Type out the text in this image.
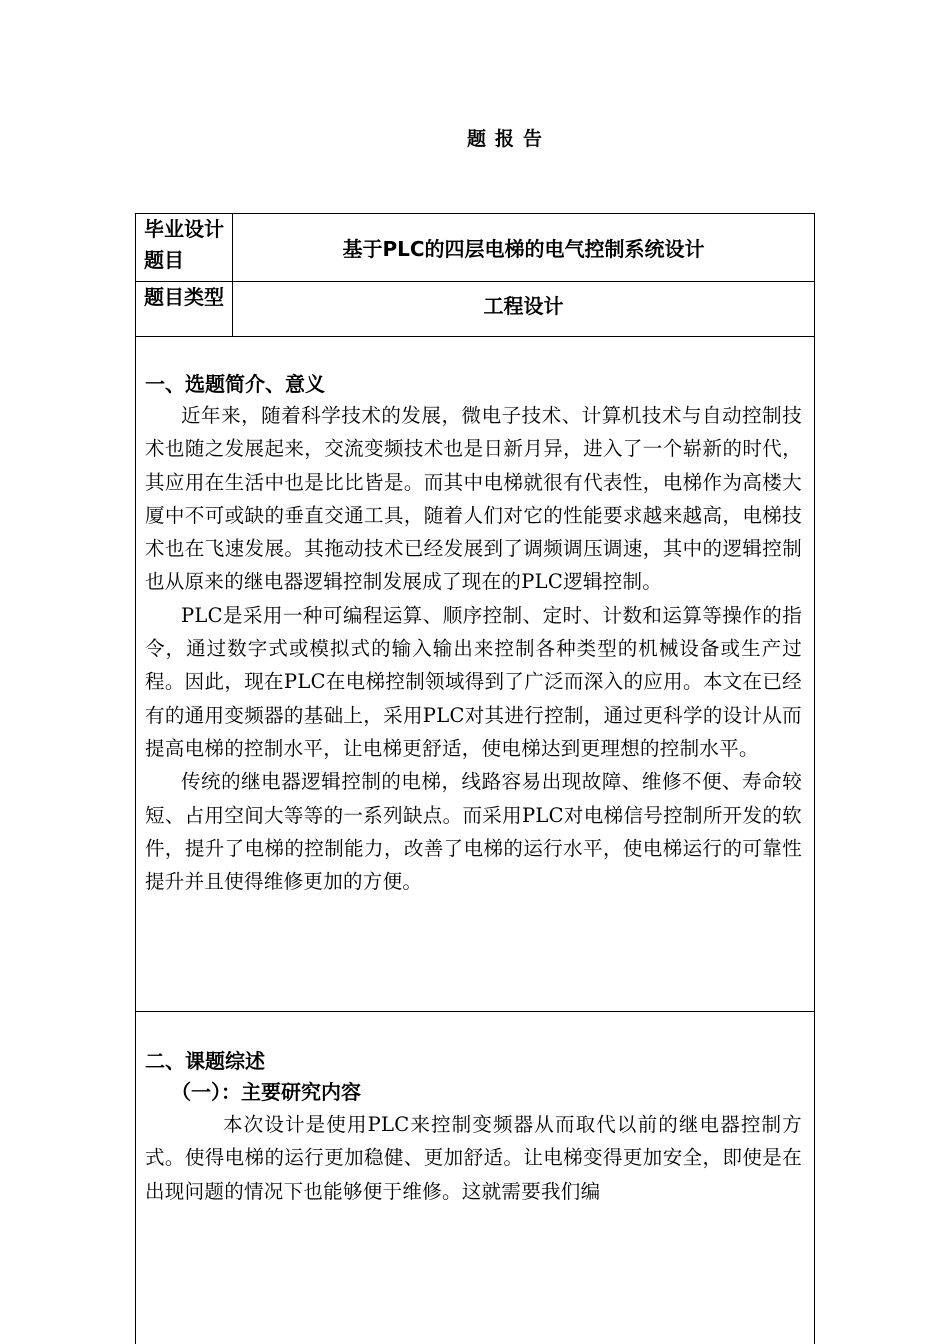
题报告
毕业设计题目	基于PLC的四层电梯的电气控制系统设计
题目类型	工程设计
一、选题简介、意义

近年来，随着科学技术的发展，微电子技术、计算机技术与自动控制技术也随之发展起来，交流变频技术也是日新月异，进入了一个崭新的时代，其应用在生活中也是比比皆是。而其中电梯就很有代表性，电梯作为高楼大厦中不可或缺的垂直交通工具，随着人们对它的性能要求越来越高，电梯技术也在飞速发展。其拖动技术已经发展到了调频调压调速，其中的逻辑控制也从原来的继电器逻辑控制发展成了现在的PLC逻辑控制。

PLC是采用一种可编程运算、顺序控制、定时、计数和运算等操作的指令，通过数字式或模拟式的输入输出来控制各种类型的机械设备或生产过程。因此，现在PLC在电梯控制领域得到了广泛而深入的应用。本文在已经有的通用变频器的基础上，采用PLC对其进行控制，通过更科学的设计从而提高电梯的控制水平，让电梯更舒适，使电梯达到更理想的控制水平。

传统的继电器逻辑控制的电梯，线路容易出现故障、维修不便、寿命较短、占用空间大等等的一系列缺点。而采用PLC对电梯信号控制所开发的软件，提升了电梯的控制能力，改善了电梯的运行水平，使电梯运行的可靠性提升并且使得维修更加的方便。

二、课题综述
（一）：主要研究内容

本次设计是使用PLC来控制变频器从而取代以前的继电器控制方式。使得电梯的运行更加稳健、更加舒适。让电梯变得更加安全，即使是在出现问题的情况下也能够便于维修。这就需要我们编
